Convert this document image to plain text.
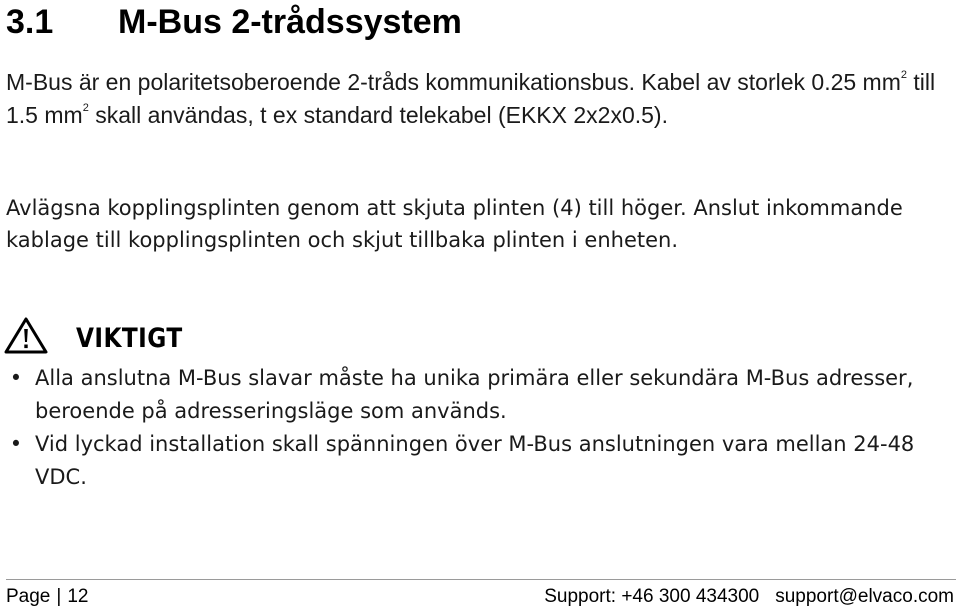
3.1 M-Bus 2-trådssystem
M-Bus är en polaritetsoberoende 2-tråds kommunikationsbus. Kabel av storlek 0.25 $mm^2$ till 1.5 $mm^2$ skall användas, t ex standard telekabel (EKKX 2x2x0.5).
Avlägsna kopplingsplinten genom att skjuta plinten (4) till höger. Anslut inkommande kablage till kopplingsplinten och skjut tillbaka plinten i enheten.
VIKTIGT
• Alla anslutna M-Bus slavar måste ha unika primära eller sekundära M-Bus adresser, beroende på adresseringsläge som används.
• Vid lyckad installation skall spänningen över M-Bus anslutningen vara mellan 24-48 VDC.
Page | 12	Support: +46 300 434300 support@elvaco.com
